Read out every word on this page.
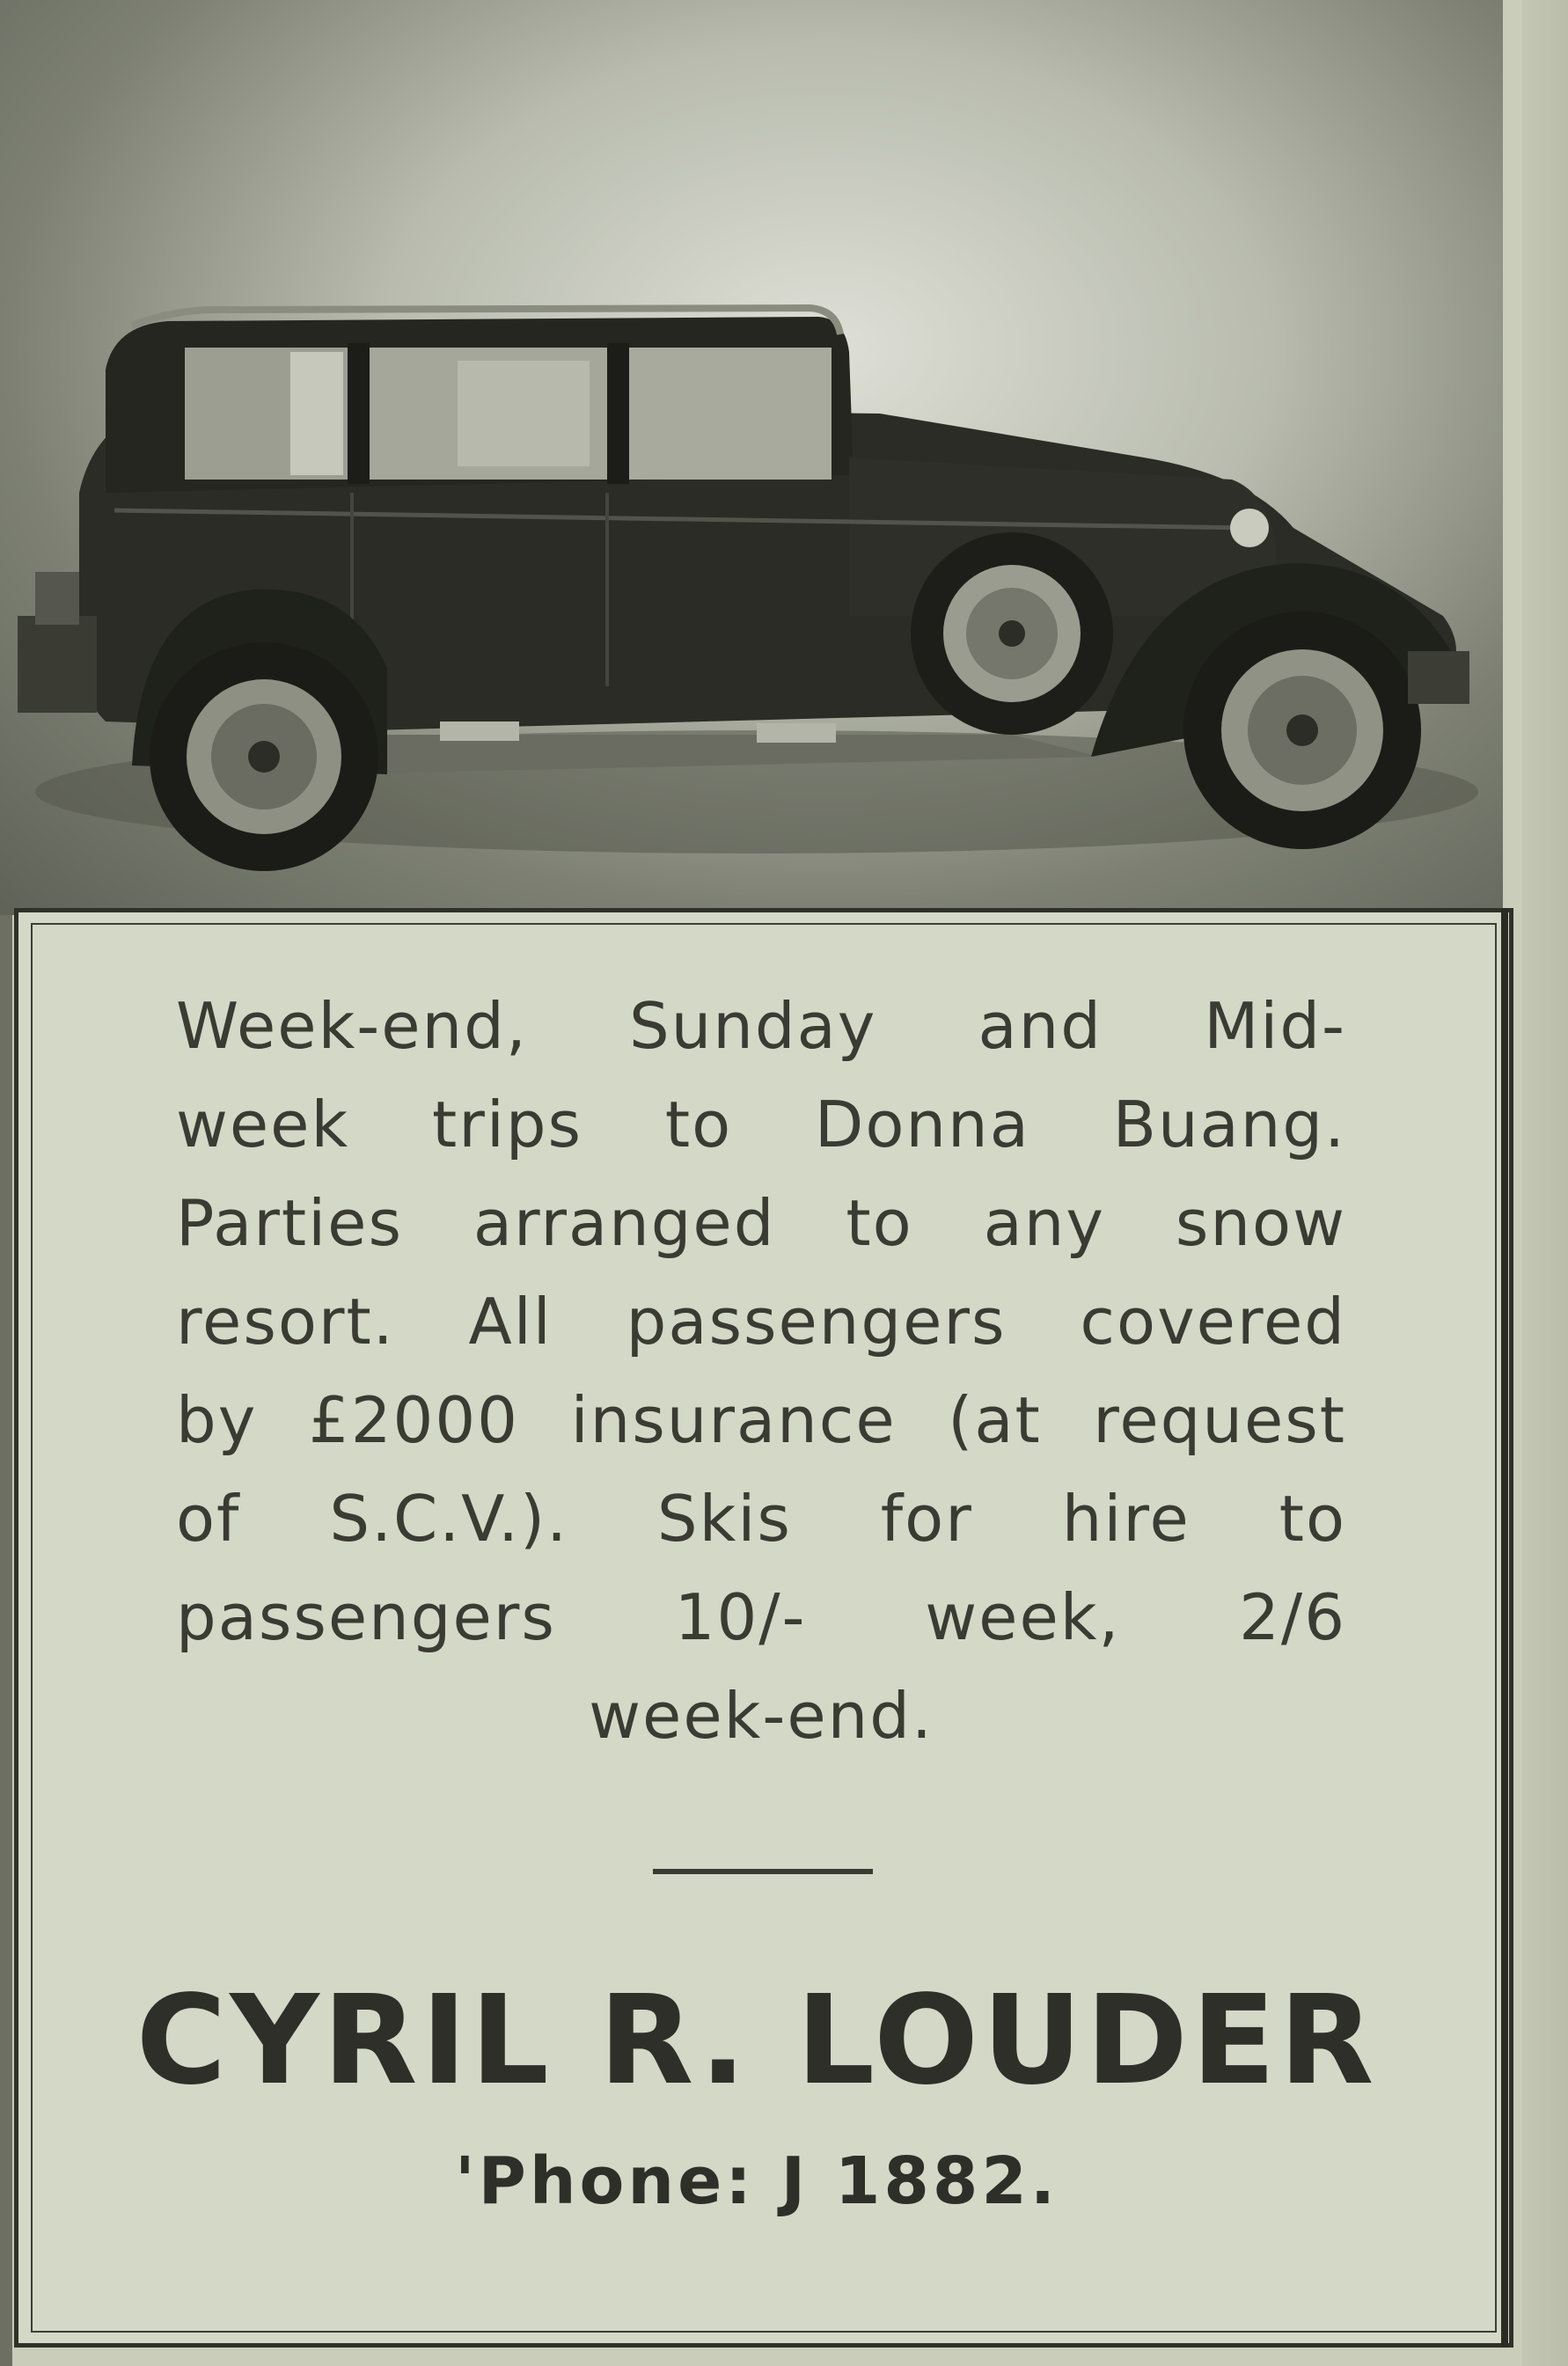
Week-end, Sunday and Mid-
week trips to Donna Buang.
Parties arranged to any snow
resort. All passengers covered
by £2000 insurance (at request
of S.C.V.). Skis for hire to
passengers 10/- week, 2/6
week-end.
CYRIL R. LOUDER
'Phone: J 1882.
